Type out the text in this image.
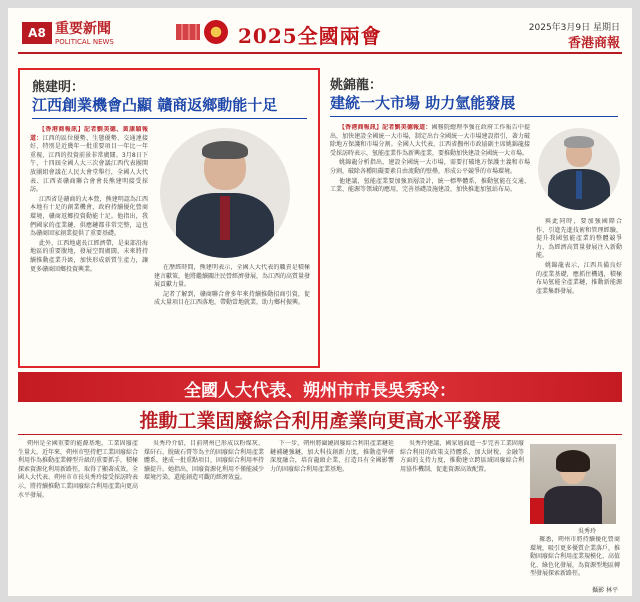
A8 重要新聞
POLITICAL NEWS	2025全國兩會	2025年3月9日 星期日
香港商報
熊建明：
江西創業機會凸顯 贛商返鄉動能十足

【香港商報訊】記者劉美德、黃康穎報道：江西的區位優勢、生態優勢、交通連接好，特別是近幾年一批重要項目一年比一年重視，江西的投資前景非常廣闊。3月8日下午，十四屆全國人大三次會議江西代表團開放團組會議在人民大會堂舉行，全國人大代表、江西省贛商聯合會會長熊建明接受採訪。

江西省是贛商的大本營，熊建明認為江西本地有十足的創業機會，政府持續優化營商環境，贛商返鄉投資動能十足。他指出，我們國家的產業鏈、供應鏈都非常完整，這也為贛商回家創業提供了重要基礎。

此外，江西地處長江經濟帶，是東部沿海地區的重要腹地，發展空間廣闊，未來將持續推動產業升級，加快形成新質生產力，讓更多贛商回鄉投資興業。	在歷經時間，熊建明表示，全國人大代表的職責是積極建言獻策，他將繼續關注民營經濟發展，為江西的高質量發展貢獻力量。

記者了解到，贛商聯合會多年來持續推動招商引資，促成大量項目在江西落地，帶動當地就業，助力鄉村振興。

姚錦龍：
建統一大市場 助力氫能發展

【香港商報訊】記者劉美德報道：國務院總理李強在政府工作報告中提出，加快建設全國統一大市場，制定出台全國統一大市場建設指引，著力破除地方保護和市場分割。全國人大代表、江西省撫州市政協副主席姚錦龍接受採訪時表示，氫能產業作為新興產業，要推動加快建設全國統一大市場。

姚錦龍分析指出，建設全國統一大市場，需要打破地方保護主義和市場分割，破除各種阻礙要素自由流動的壁壘，形成公平競爭的市場環境。

他建議，氫能產業要加強頂層設計，統一標準體系，推動氫能在交通、工業、能源等領域的應用，完善基礎設施建設，加快推進加氫站布局。

與此同時，要加強國際合作，引進先進技術和管理經驗，提升我國氫能產業的整體競爭力，為經濟高質量發展注入新動能。

姚錦龍表示，江西具備良好的產業基礎，應抓住機遇，積極布局氫能全產業鏈，推動新能源產業集群發展。

全國人大代表、朔州市市長吳秀玲：
推動工業固廢綜合利用產業向更高水平發展

朔州是全國重要的能源基地，工業固廢產生量大。近年來，朔州市堅持把工業固廢綜合利用作為推動產業轉型升級的重要抓手，積極探索資源化利用新路徑，取得了顯著成效。全國人大代表、朔州市市長吳秀玲接受採訪時表示，將持續推動工業固廢綜合利用產業向更高水平發展。

吳秀玲介紹，目前朔州已形成以粉煤灰、煤矸石、脫硫石膏等為主的固廢綜合利用產業體系，建成一批重點項目，固廢綜合利用率持續提升。她指出，固廢資源化利用不僅能減少環境污染，還能創造可觀的經濟效益。

下一步，朔州將圍繞固廢綜合利用產業鏈延鏈補鏈強鏈，加大科技創新力度，推動產學研深度融合，培育龍頭企業，打造具有全國影響力的固廢綜合利用產業基地。

吳秀玲建議，國家層面進一步完善工業固廢綜合利用的政策支持體系，加大財稅、金融等方面的支持力度，推動建立跨區域固廢綜合利用協作機制，促進資源高效配置。

吳秀玲

據悉，朔州市將持續優化營商環境，吸引更多優質企業落戶，推動固廢綜合利用產業規模化、高值化、綠色化發展，為資源型地區轉型發展探索新路徑。

攝影 林平
